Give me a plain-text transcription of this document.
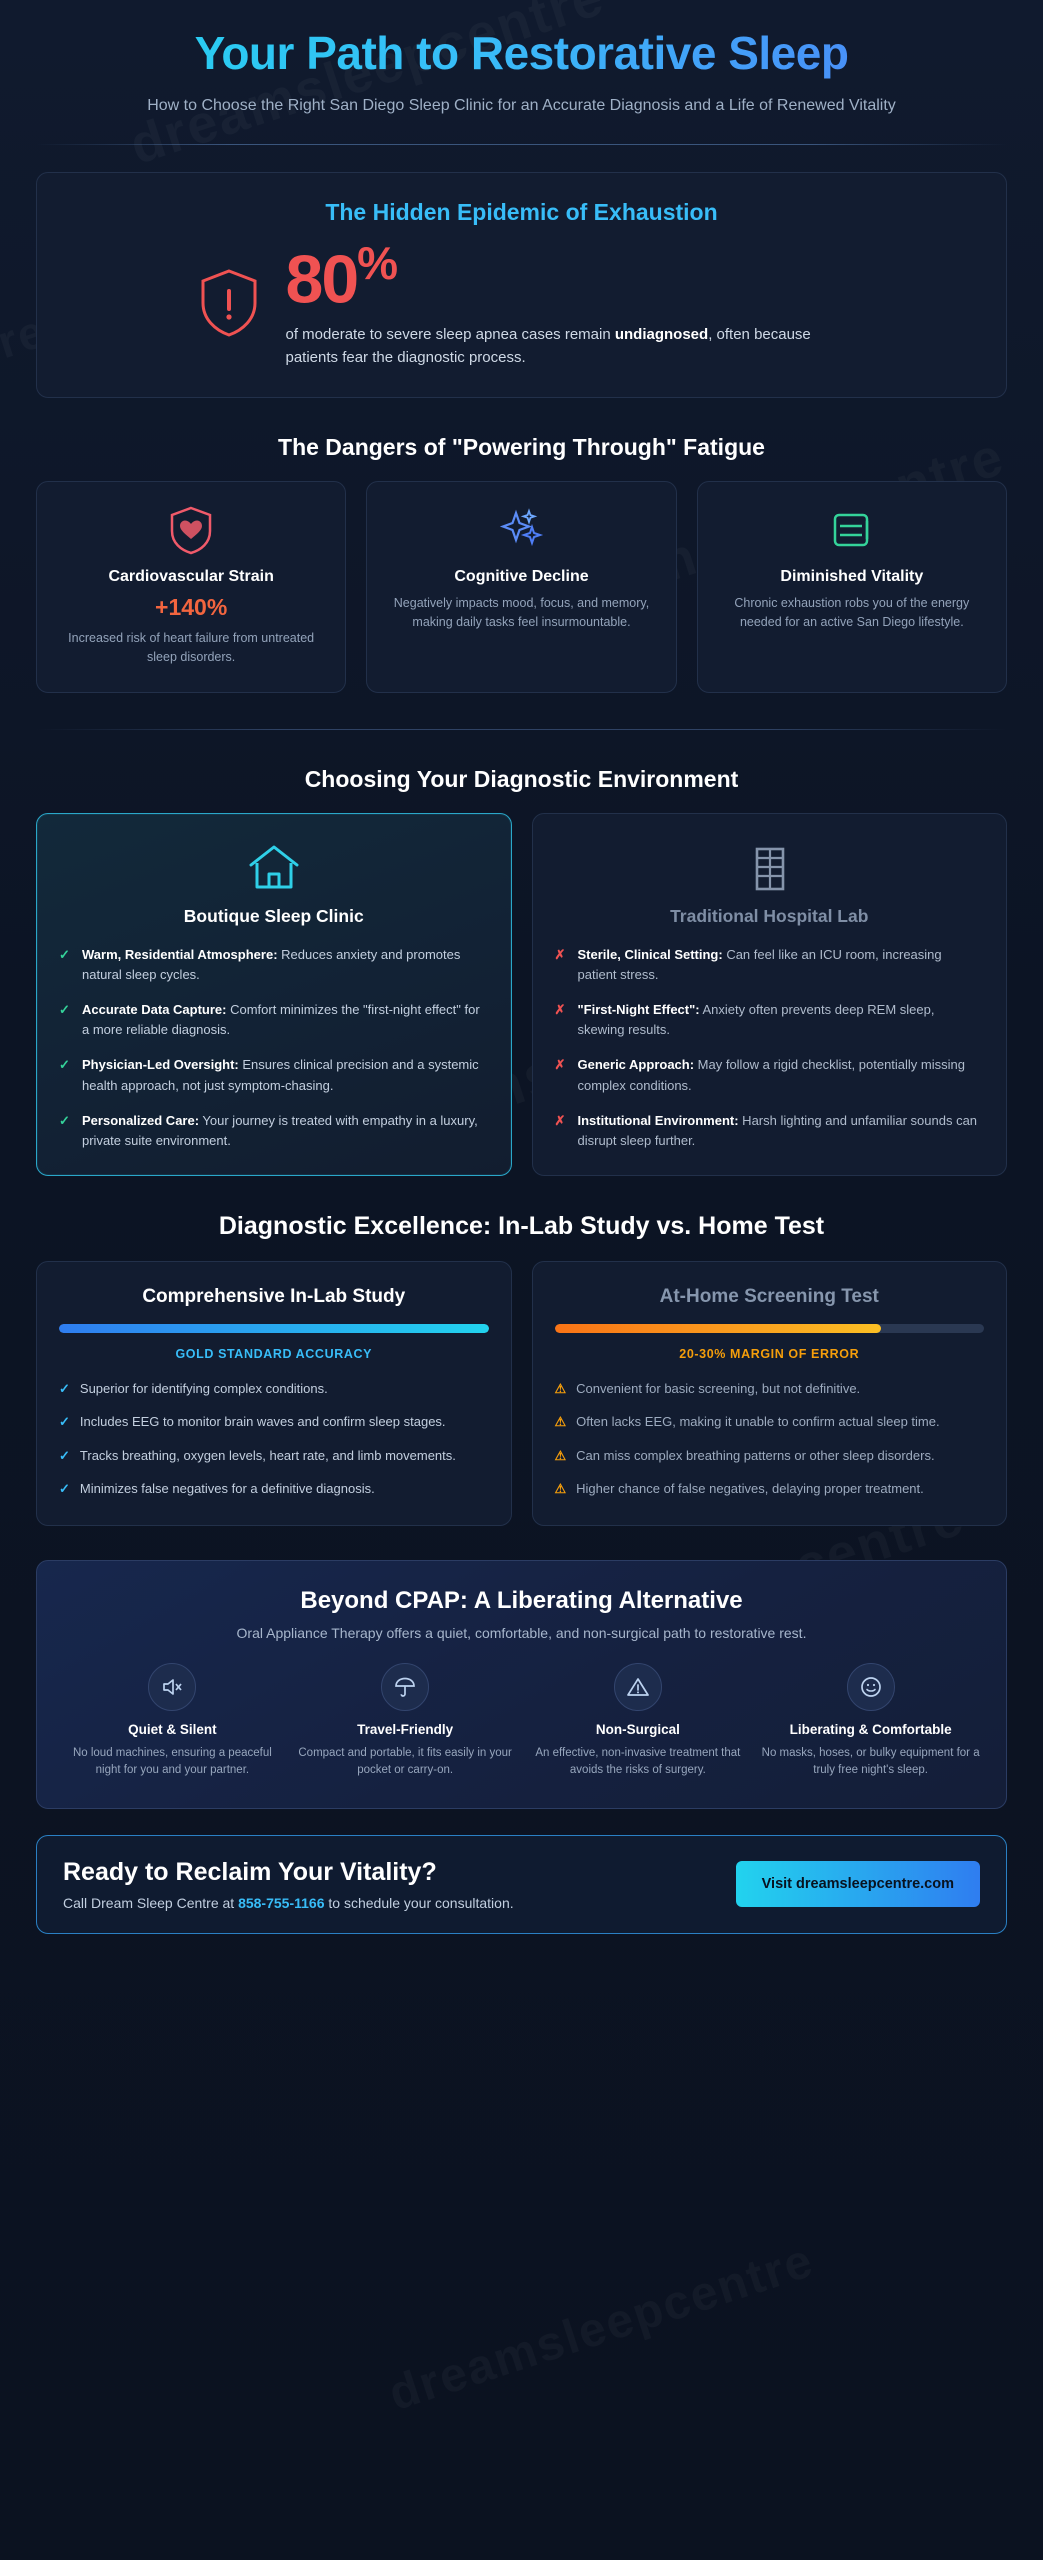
Your Path to Restorative Sleep
How to Choose the Right San Diego Sleep Clinic for an Accurate Diagnosis and a Life of Renewed Vitality
The Hidden Epidemic of Exhaustion
80%
of moderate to severe sleep apnea cases remain undiagnosed, often because patients fear the diagnostic process.
The Dangers of "Powering Through" Fatigue
Cardiovascular Strain
+140%

Increased risk of heart failure from untreated sleep disorders.

Cognitive Decline

Negatively impacts mood, focus, and memory, making daily tasks feel insurmountable.

Diminished Vitality

Chronic exhaustion robs you of the energy needed for an active San Diego lifestyle.

Choosing Your Diagnostic Environment
Boutique Sleep Clinic
✓ Warm, Residential Atmosphere: Reduces anxiety and promotes natural sleep cycles.
✓ Accurate Data Capture: Comfort minimizes the "first-night effect" for a more reliable diagnosis.
✓ Physician-Led Oversight: Ensures clinical precision and a systemic health approach, not just symptom-chasing.
✓ Personalized Care: Your journey is treated with empathy in a luxury, private suite environment.
Traditional Hospital Lab
✗ Sterile, Clinical Setting: Can feel like an ICU room, increasing patient stress.
✗ "First-Night Effect": Anxiety often prevents deep REM sleep, skewing results.
✗ Generic Approach: May follow a rigid checklist, potentially missing complex conditions.
✗ Institutional Environment: Harsh lighting and unfamiliar sounds can disrupt sleep further.
Diagnostic Excellence: In-Lab Study vs. Home Test
Comprehensive In-Lab Study
GOLD STANDARD ACCURACY
✓ Superior for identifying complex conditions.
✓ Includes EEG to monitor brain waves and confirm sleep stages.
✓ Tracks breathing, oxygen levels, heart rate, and limb movements.
✓ Minimizes false negatives for a definitive diagnosis.
At-Home Screening Test
20-30% MARGIN OF ERROR
⚠ Convenient for basic screening, but not definitive.
⚠ Often lacks EEG, making it unable to confirm actual sleep time.
⚠ Can miss complex breathing patterns or other sleep disorders.
⚠ Higher chance of false negatives, delaying proper treatment.
Beyond CPAP: A Liberating Alternative
Oral Appliance Therapy offers a quiet, comfortable, and non-surgical path to restorative rest.
Quiet & Silent

No loud machines, ensuring a peaceful night for you and your partner.

Travel-Friendly

Compact and portable, it fits easily in your pocket or carry-on.

Non-Surgical

An effective, non-invasive treatment that avoids the risks of surgery.

Liberating & Comfortable

No masks, hoses, or bulky equipment for a truly free night's sleep.

Ready to Reclaim Your Vitality?

Call Dream Sleep Centre at 858-755-1166 to schedule your consultation.

Visit dreamsleepcentre.com
